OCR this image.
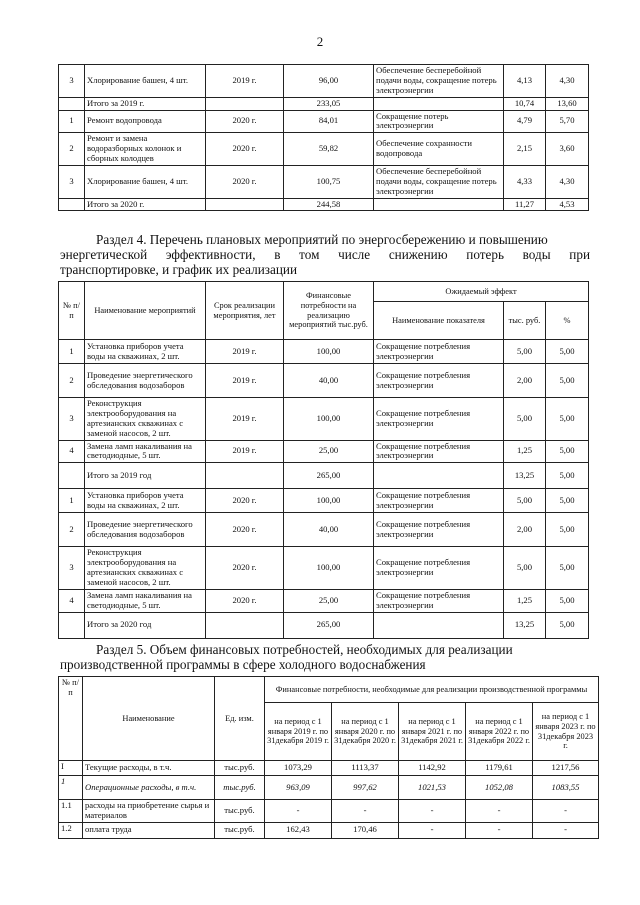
2
3	Хлорирование башен, 4 шт.	2019 г.	96,00	Обеспечение бесперебойной подачи воды, сокращение потерь электроэнергии	4,13	4,30
	Итого за 2019 г.		233,05		10,74	13,60
1	Ремонт водопровода	2020 г.	84,01	Сокращение потерь электроэнергии	4,79	5,70
2	Ремонт и замена водоразборных колонок и сборных колодцев	2020 г.	59,82	Обеспечение сохранности водопровода	2,15	3,60
3	Хлорирование башен, 4 шт.	2020 г.	100,75	Обеспечение бесперебойной подачи воды, сокращение потерь электроэнергии	4,33	4,30
	Итого за 2020 г.		244,58		11,27	4,53
Раздел 4. Перечень плановых мероприятий по энергосбережению и повышению
энергетической эффективности, в том числе снижению потерь воды при
транспортировке, и график их реализации
№ п/п	Наименование мероприятий	Срок реализации мероприятия, лет	Финансовые потребности на реализацию мероприятий тыс.руб.	Ожидаемый эффект		
				Наименование показателя	тыс. руб.	%
1	Установка приборов учета воды на скважинах, 2 шт.	2019 г.	100,00	Сокращение потребления электроэнергии	5,00	5,00
2	Проведение энергетического обследования водозаборов	2019 г.	40,00	Сокращение потребления электроэнергии	2,00	5,00
3	Реконструкция электрооборудования на артезианских скважинах с заменой насосов, 2 шт.	2019 г.	100,00	Сокращение потребления электроэнергии	5,00	5,00
4	Замена ламп накаливания на светодиодные, 5 шт.	2019 г.	25,00	Сокращение потребления электроэнергии	1,25	5,00
	Итого за 2019 год		265,00		13,25	5,00
1	Установка приборов учета воды на скважинах, 2 шт.	2020 г.	100,00	Сокращение потребления электроэнергии	5,00	5,00
2	Проведение энергетического обследования водозаборов	2020 г.	40,00	Сокращение потребления электроэнергии	2,00	5,00
3	Реконструкция электрооборудования на артезианских скважинах с заменой насосов, 2 шт.	2020 г.	100,00	Сокращение потребления электроэнергии	5,00	5,00
4	Замена ламп накаливания на светодиодные, 5 шт.	2020 г.	25,00	Сокращение потребления электроэнергии	1,25	5,00
	Итого за 2020 год		265,00		13,25	5,00
Раздел 5. Объем финансовых потребностей, необходимых для реализации
производственной программы в сфере холодного водоснабжения
№ п/п	Наименование	Ед. изм.	Финансовые потребности, необходимые для реализации производственной программы				
			на период с 1 января 2019 г. по 31декабря 2019 г.	на период с 1 января 2020 г. по 31декабря 2020 г.	на период с 1 января 2021 г. по 31декабря 2021 г.	на период с 1 января 2022 г. по 31декабря 2022 г.	на период с 1 января 2023 г. по 31декабря 2023 г.
I	Текущие расходы, в т.ч.	тыс.руб.	1073,29	1113,37	1142,92	1179,61	1217,56
1	Операционные расходы, в т.ч.	тыс.руб.	963,09	997,62	1021,53	1052,08	1083,55
1.1	расходы на приобретение сырья и материалов	тыс.руб.	-	-	-	-	-
1.2	оплата труда	тыс.руб.	162,43	170,46	-	-	-
